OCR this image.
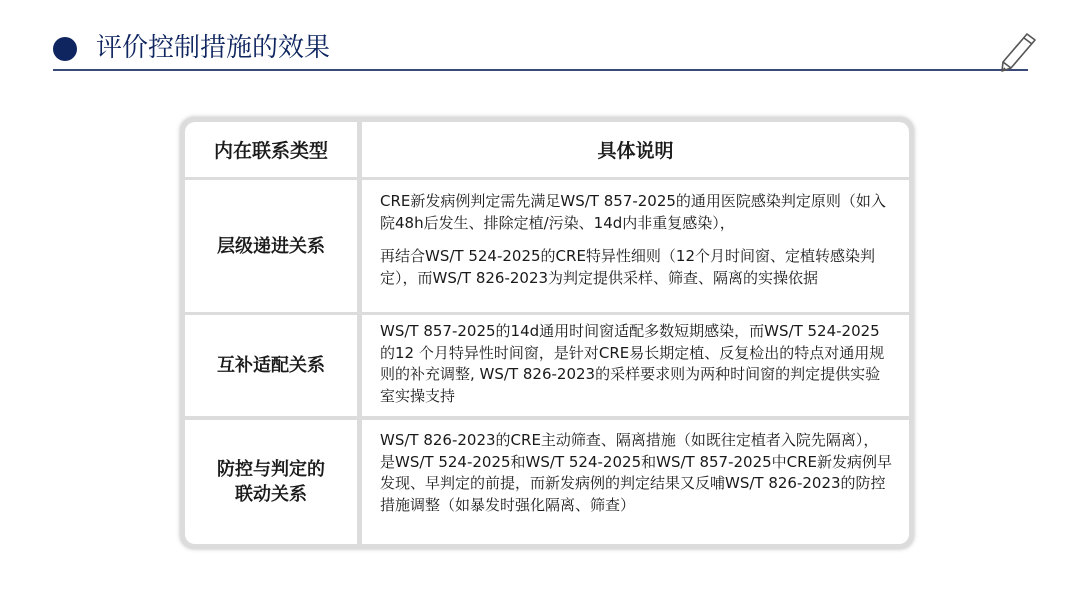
评价控制措施的效果
内在联系类型	具体说明
层级递进关系

CRE新发病例判定需先满足WS/T 857-2025的通用医院感染判定原则（如入院48h后发生、排除定植/污染、14d内非重复感染），

再结合WS/T 524-2025的CRE特异性细则（12个月时间窗、定植转感染判定），而WS/T 826-2023为判定提供采样、筛查、隔离的实操依据

互补适配关系

WS/T 857-2025的14d通用时间窗适配多数短期感染，而WS/T 524-2025的12 个月特异性时间窗，是针对CRE易长期定植、反复检出的特点对通用规则的补充调整, WS/T 826-2023的采样要求则为两种时间窗的判定提供实验室实操支持

防控与判定的
联动关系

WS/T 826-2023的CRE主动筛查、隔离措施（如既往定植者入院先隔离），是WS/T 524-2025和WS/T 524-2025和WS/T 857-2025中CRE新发病例早发现、早判定的前提，而新发病例的判定结果又反哺WS/T 826-2023的防控措施调整（如暴发时强化隔离、筛查）
